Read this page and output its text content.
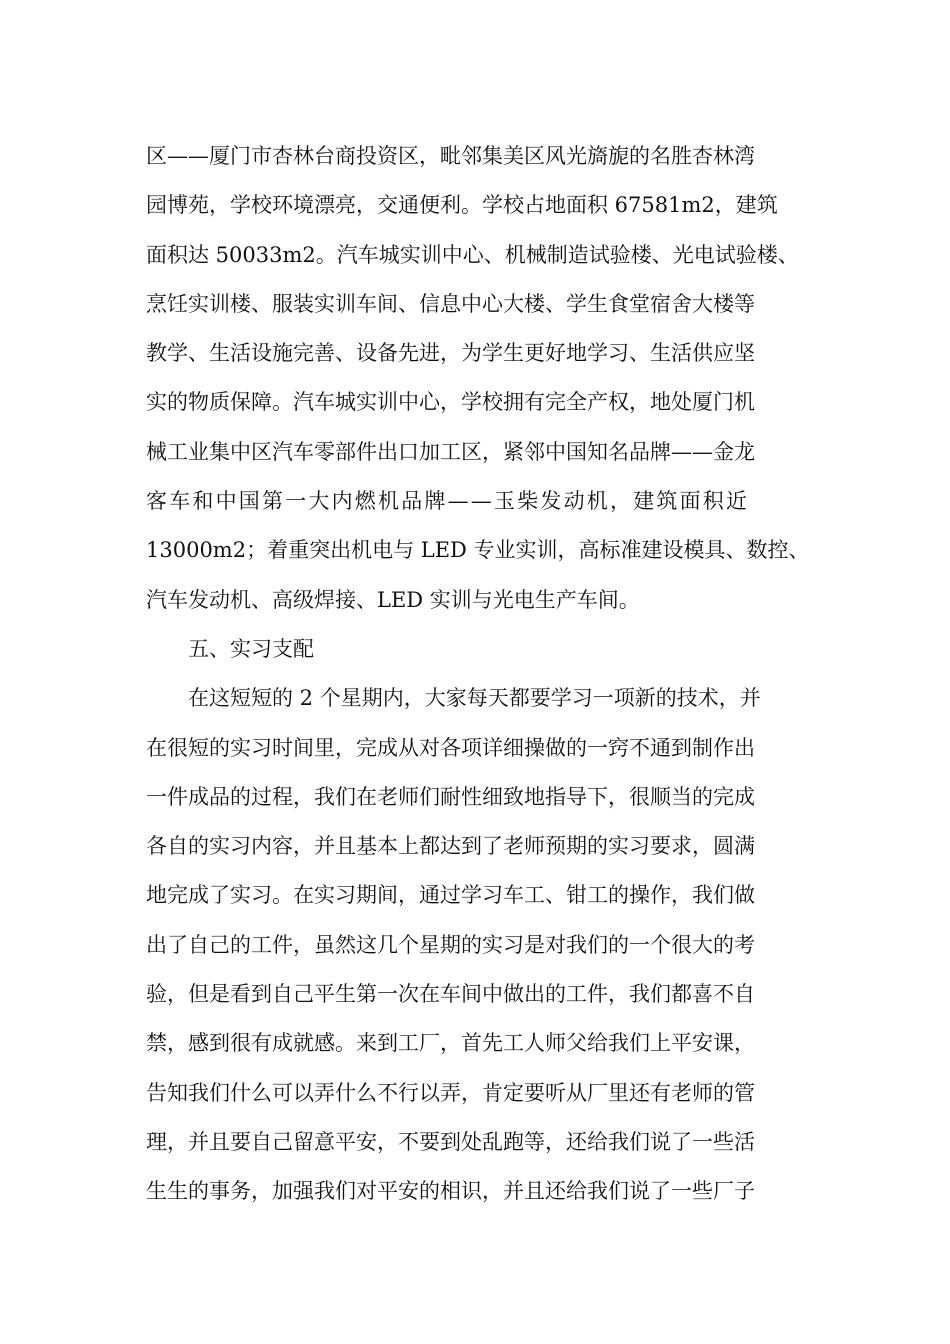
区——厦门市杏林台商投资区，毗邻集美区风光旖旎的名胜杏林湾
园博苑，学校环境漂亮，交通便利。学校占地面积 67581m2，建筑
面积达 50033m2。汽车城实训中心、机械制造试验楼、光电试验楼、
烹饪实训楼、服装实训车间、信息中心大楼、学生食堂宿舍大楼等
教学、生活设施完善、设备先进，为学生更好地学习、生活供应坚
实的物质保障。汽车城实训中心，学校拥有完全产权，地处厦门机
械工业集中区汽车零部件出口加工区，紧邻中国知名品牌——金龙
客车和中国第一大内燃机品牌——玉柴发动机，建筑面积近
13000m2；着重突出机电与 LED 专业实训，高标准建设模具、数控、
汽车发动机、高级焊接、LED 实训与光电生产车间。
五、实习支配
在这短短的 2 个星期内，大家每天都要学习一项新的技术，并
在很短的实习时间里，完成从对各项详细操做的一窍不通到制作出
一件成品的过程，我们在老师们耐性细致地指导下，很顺当的完成
各自的实习内容，并且基本上都达到了老师预期的实习要求，圆满
地完成了实习。在实习期间，通过学习车工、钳工的操作，我们做
出了自己的工件，虽然这几个星期的实习是对我们的一个很大的考
验，但是看到自己平生第一次在车间中做出的工件，我们都喜不自
禁，感到很有成就感。来到工厂，首先工人师父给我们上平安课，
告知我们什么可以弄什么不行以弄，肯定要听从厂里还有老师的管
理，并且要自己留意平安，不要到处乱跑等，还给我们说了一些活
生生的事务，加强我们对平安的相识，并且还给我们说了一些厂子
